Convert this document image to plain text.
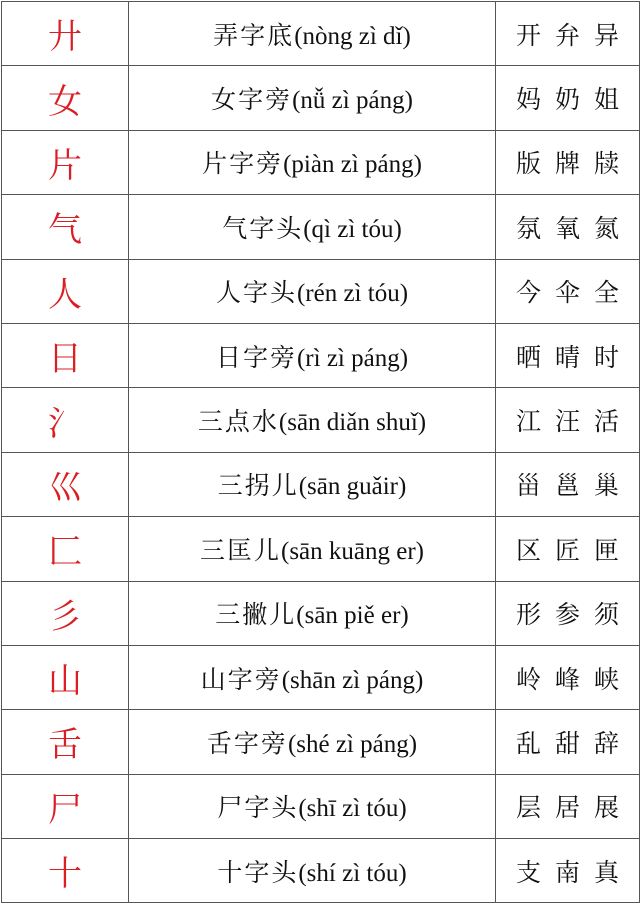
廾	弄字底(nòng zì dǐ)	开 弁 异
女	女字旁(nǚ zì páng)	妈 奶 姐
片	片字旁(piàn zì páng)	版 牌 牍
气	气字头(qì zì tóu)	氛 氧 氮
人	人字头(rén zì tóu)	今 伞 全
日	日字旁(rì zì páng)	晒 晴 时
氵	三点水(sān diǎn shuǐ)	江 汪 活
巛	三拐儿(sān guǎir)	甾 邕 巢
匚	三匡儿(sān kuāng er)	区 匠 匣
彡	三撇儿(sān piě er)	形 参 须
山	山字旁(shān zì páng)	岭 峰 峡
舌	舌字旁(shé zì páng)	乱 甜 辞
尸	尸字头(shī zì tóu)	层 居 展
十	十字头(shí zì tóu)	支 南 真
